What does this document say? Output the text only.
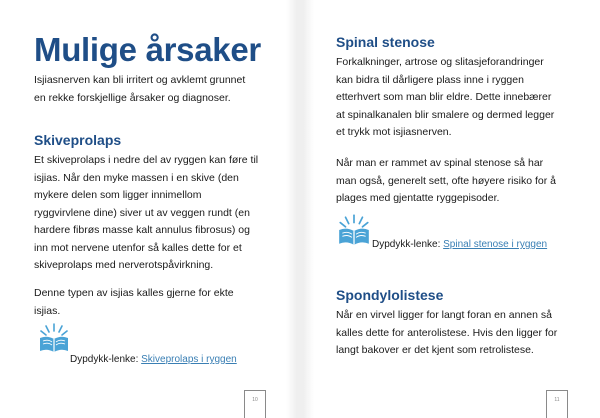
Mulige årsaker

Isjiasnerven kan bli irritert og avklemt grunnet
en rekke forskjellige årsaker og diagnoser.

Skiveprolaps

Et skiveprolaps i nedre del av ryggen kan føre til
isjias. Når den myke massen i en skive (den
mykere delen som ligger innimellom
ryggvirvlene dine) siver ut av veggen rundt (en
hardere fibrøs masse kalt annulus fibrosus) og
inn mot nervene utenfor så kalles dette for et
skiveprolaps med nerverotspåvirkning.

Denne typen av isjias kalles gjerne for ekte
isjias.

Dypdykk-lenke: Skiveprolaps i ryggen
10
Spinal stenose

Forkalkninger, artrose og slitasjeforandringer
kan bidra til dårligere plass inne i ryggen
etterhvert som man blir eldre. Dette innebærer
at spinalkanalen blir smalere og dermed legger
et trykk mot isjiasnerven.

Når man er rammet av spinal stenose så har
man også, generelt sett, ofte høyere risiko for å
plages med gjentatte ryggepisoder.

Dypdykk-lenke: Spinal stenose i ryggen
Spondylolistese

Når en virvel ligger for langt foran en annen så
kalles dette for anterolistese. Hvis den ligger for
langt bakover er det kjent som retrolistese.

11
